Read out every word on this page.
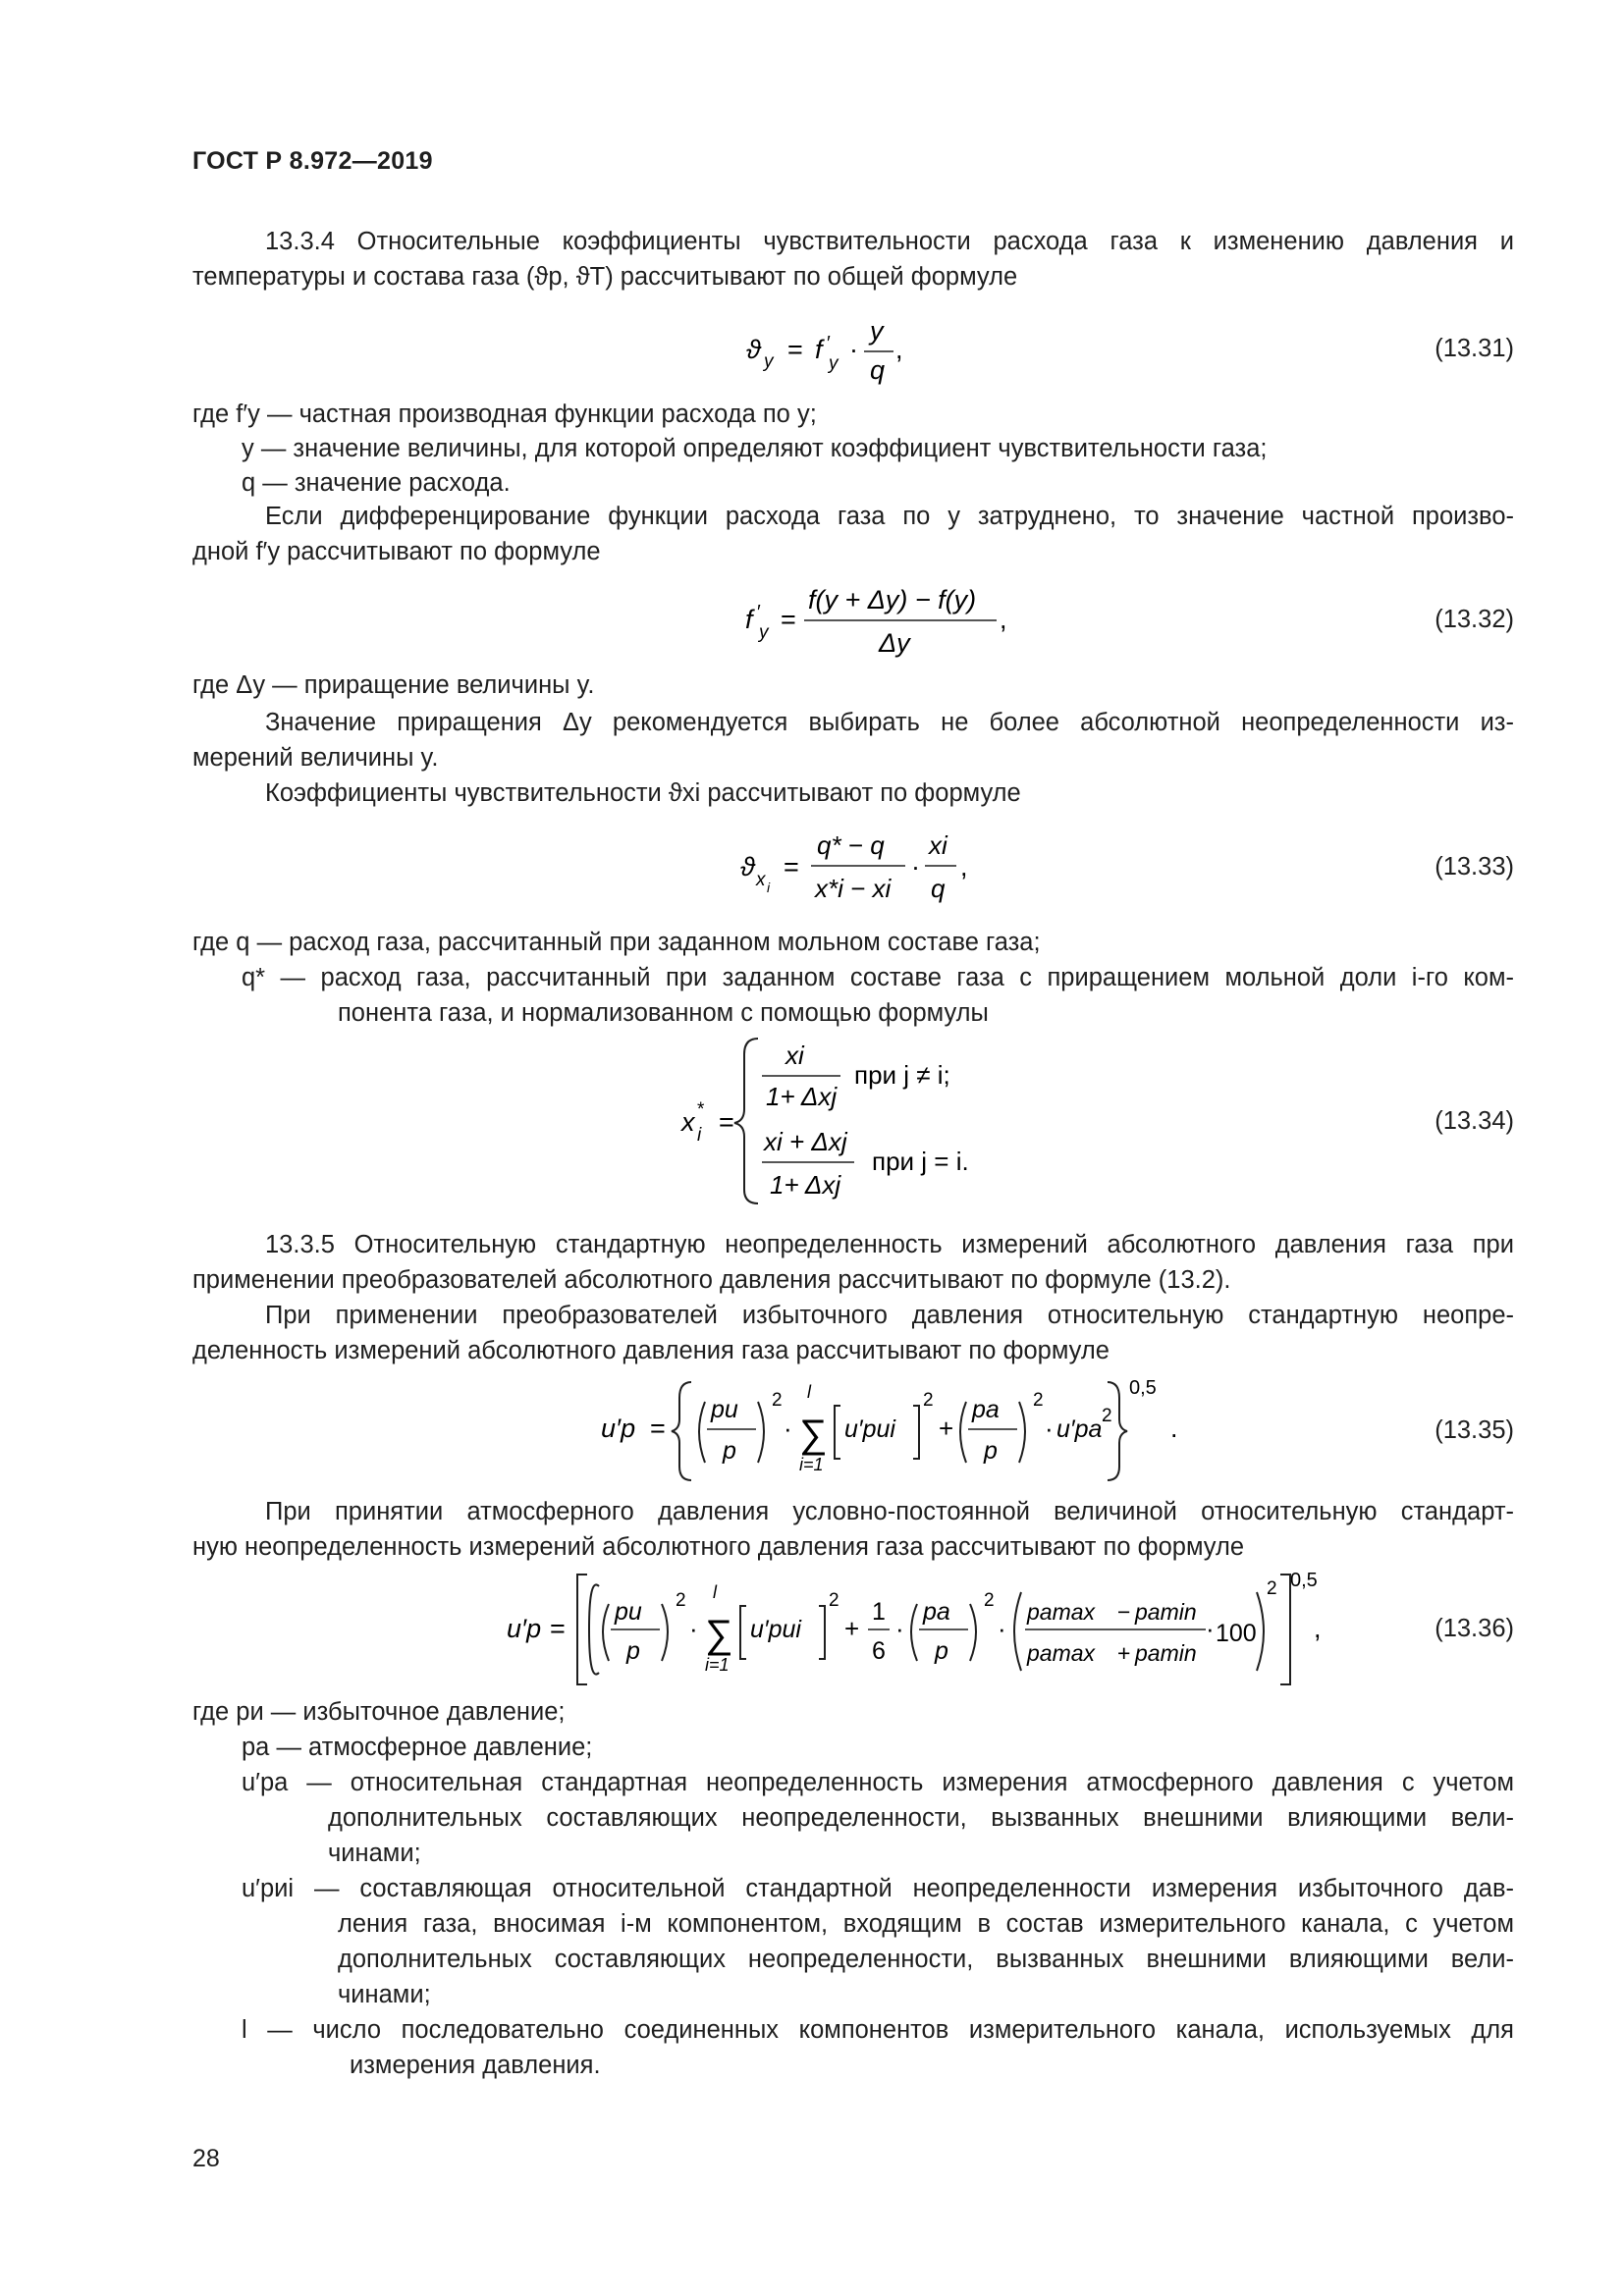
ГОСТ Р 8.972—2019
13.3.4 Относительные коэффициенты чувствительности расхода газа к изменению давления и
температуры и состава газа (ϑp, ϑT) рассчитывают по общей формуле
ϑ y = f ′
y ·
y
q
,	(13.31)
где f′y — частная производная функции расхода по y;
y — значение величины, для которой определяют коэффициент чувствительности газа;
q — значение расхода.
Если дифференцирование функции расхода газа по y затруднено, то значение частной произво-
дной f′y рассчитывают по формуле
f ′
y =
f(y + Δy) − f(y)
Δy
,	(13.32)
где Δy — приращение величины y.
Значение приращения Δy рекомендуется выбирать не более абсолютной неопределенности из-
мерений величины y.
Коэффициенты чувствительности ϑxi рассчитывают по формуле
ϑ x i
=
q* − q
x*i − xi
·
xi
q
,	(13.33)
где q — расход газа, рассчитанный при заданном мольном составе газа;
q* — расход газа, рассчитанный при заданном составе газа с приращением мольной доли i-го ком-
понента газа, и нормализованном с помощью формулы
x *
i =
xi
1+ Δxj
при j ≠ i;
xi + Δxj
1+ Δxj
при j = i.
(13.34)
13.3.5 Относительную стандартную неопределенность измерений абсолютного давления газа при
применении преобразователей абсолютного давления рассчитывают по формуле (13.2).
При применении преобразователей избыточного давления относительную стандартную неопре-
деленность измерений абсолютного давления газа рассчитывают по формуле
u′p =
pи
p
2
·
l
∑
i=1
u′pиi
2
+
pа
p
2
· u′pа 2
0,5
.	(13.35)
При принятии атмосферного давления условно-постоянной величиной относительную стандарт-
ную неопределенность измерений абсолютного давления газа рассчитывают по формуле
u′p =
pи
p
2
·
l
∑
i=1
u′pиi
2
+
1
6
·
pа
p
2
·
pamax − pamin
pamax + pamin
· 100
2 0,5
,	(13.36)
где pи — избыточное давление;
pа — атмосферное давление;
u′pа — относительная стандартная неопределенность измерения атмосферного давления с учетом
дополнительных составляющих неопределенности, вызванных внешними влияющими вели-
чинами;
u′pиi — составляющая относительной стандартной неопределенности измерения избыточного дав-
ления газа, вносимая i-м компонентом, входящим в состав измерительного канала, с учетом
дополнительных составляющих неопределенности, вызванных внешними влияющими вели-
чинами;
l — число последовательно соединенных компонентов измерительного канала, используемых для
измерения давления.
28
